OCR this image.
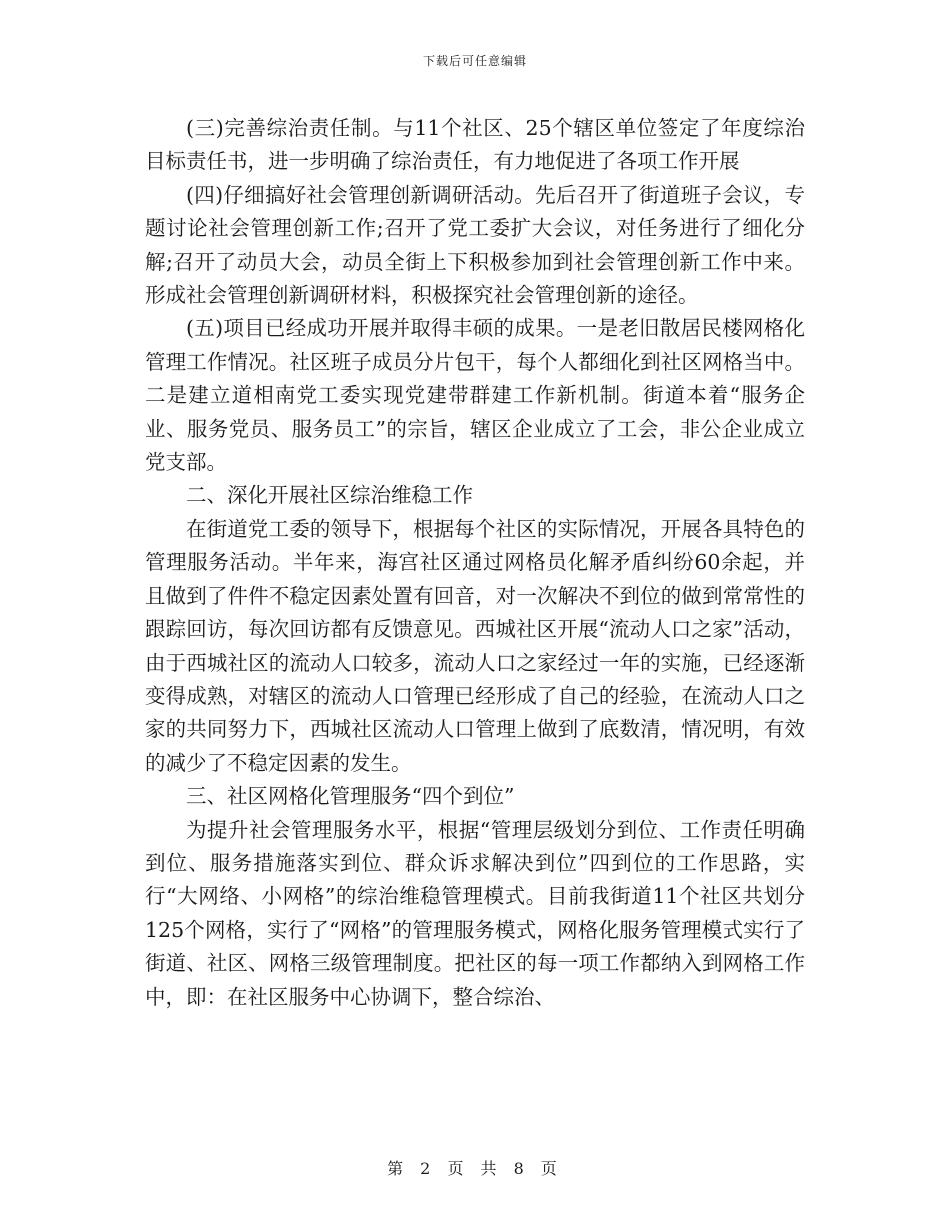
下载后可任意编辑

(三)完善综治责任制。与11个社区、25个辖区单位签定了年度综治目标责任书，进一步明确了综治责任，有力地促进了各项工作开展

(四)仔细搞好社会管理创新调研活动。先后召开了街道班子会议，专题讨论社会管理创新工作;召开了党工委扩大会议，对任务进行了细化分解;召开了动员大会，动员全街上下积极参加到社会管理创新工作中来。形成社会管理创新调研材料，积极探究社会管理创新的途径。

(五)项目已经成功开展并取得丰硕的成果。一是老旧散居民楼网格化管理工作情况。社区班子成员分片包干，每个人都细化到社区网格当中。二是建立道相南党工委实现党建带群建工作新机制。街道本着“服务企业、服务党员、服务员工”的宗旨，辖区企业成立了工会，非公企业成立党支部。

二、深化开展社区综治维稳工作

在街道党工委的领导下，根据每个社区的实际情况，开展各具特色的管理服务活动。半年来，海宫社区通过网格员化解矛盾纠纷60余起，并且做到了件件不稳定因素处置有回音，对一次解决不到位的做到常常性的跟踪回访，每次回访都有反馈意见。西城社区开展“流动人口之家”活动，由于西城社区的流动人口较多，流动人口之家经过一年的实施，已经逐渐变得成熟，对辖区的流动人口管理已经形成了自己的经验，在流动人口之家的共同努力下，西城社区流动人口管理上做到了底数清，情况明，有效的减少了不稳定因素的发生。

三、社区网格化管理服务“四个到位”

为提升社会管理服务水平，根据“管理层级划分到位、工作责任明确到位、服务措施落实到位、群众诉求解决到位”四到位的工作思路，实行“大网络、小网格”的综治维稳管理模式。目前我街道11个社区共划分125个网格，实行了“网格”的管理服务模式，网格化服务管理模式实行了街道、社区、网格三级管理制度。把社区的每一项工作都纳入到网格工作中，即：在社区服务中心协调下，整合综治、

第 2 页 共 8 页
